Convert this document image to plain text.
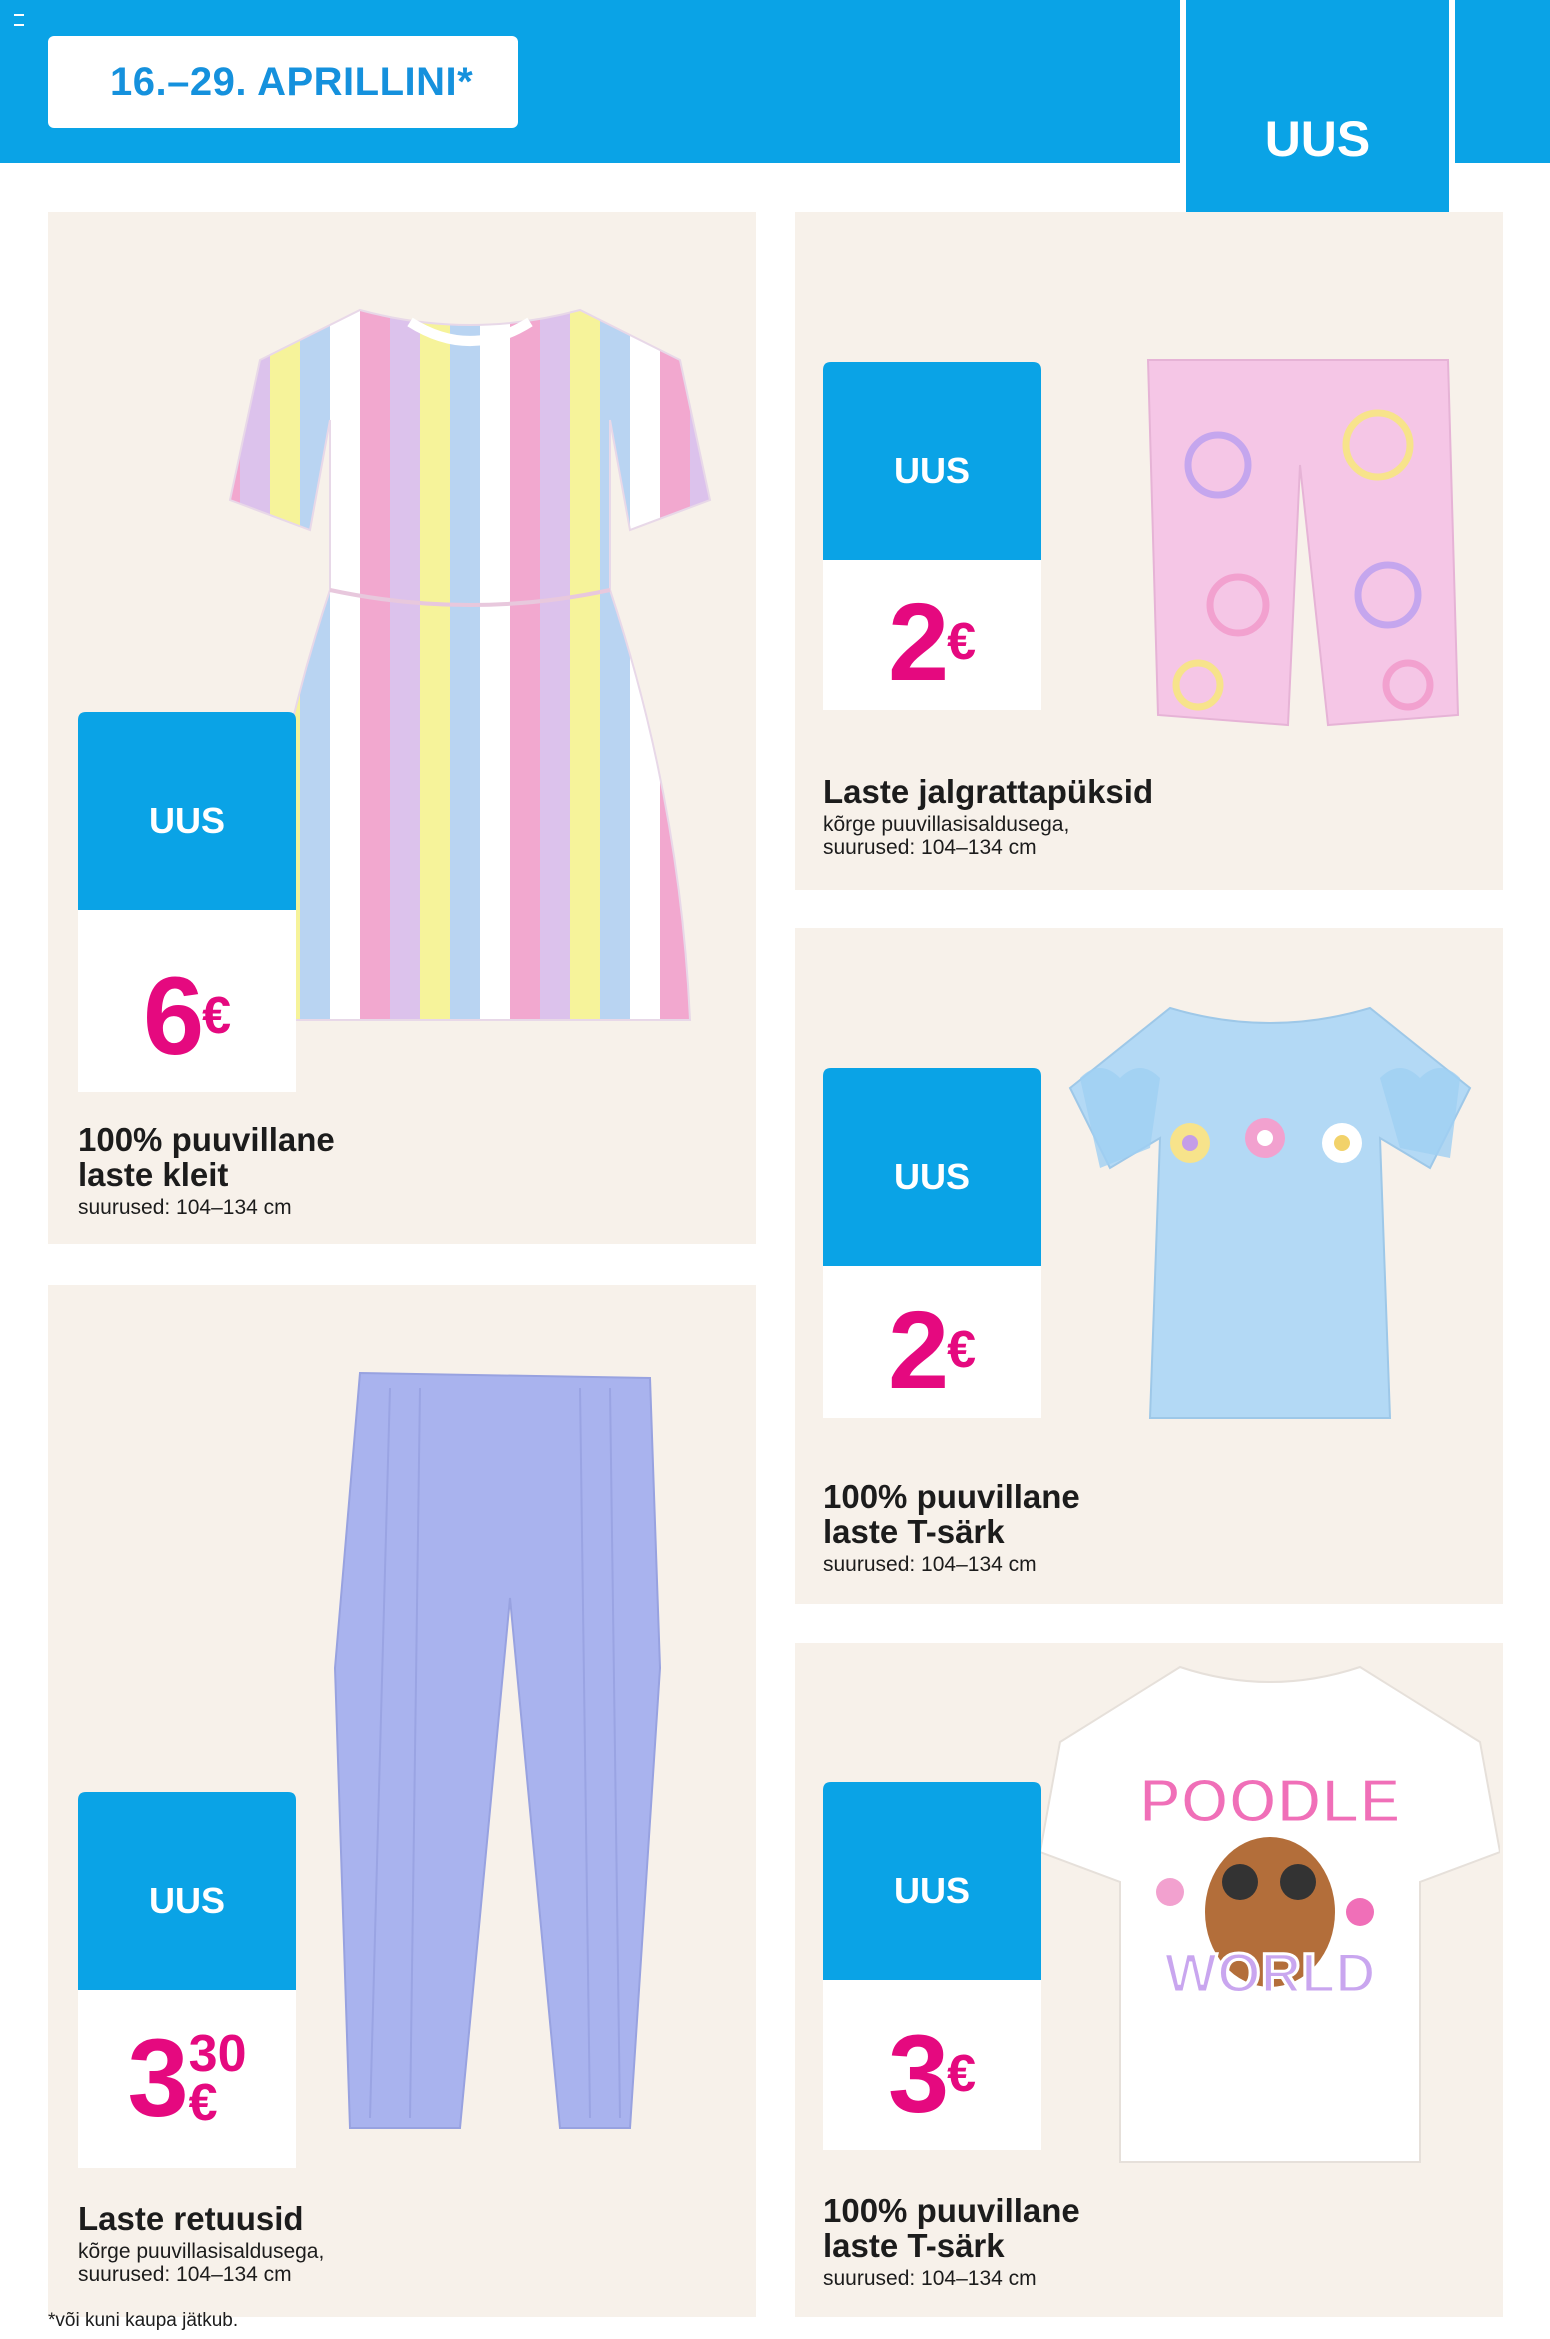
16.–29. APRILLINI*
UUS
UUS
6 €
100% puuvillane
laste kleit
suurused: 104–134 cm
UUS
2 €
Laste jalgrattapüksid
kõrge puuvillasisaldusega,
suurused: 104–134 cm
UUS
2 €
100% puuvillane
laste T-särk
suurused: 104–134 cm
UUS
3 30
€
Laste retuusid
kõrge puuvillasisaldusega,
suurused: 104–134 cm
POODLE
WORLD
UUS
3 €
100% puuvillane
laste T-särk
suurused: 104–134 cm
*või kuni kaupa jätkub.
